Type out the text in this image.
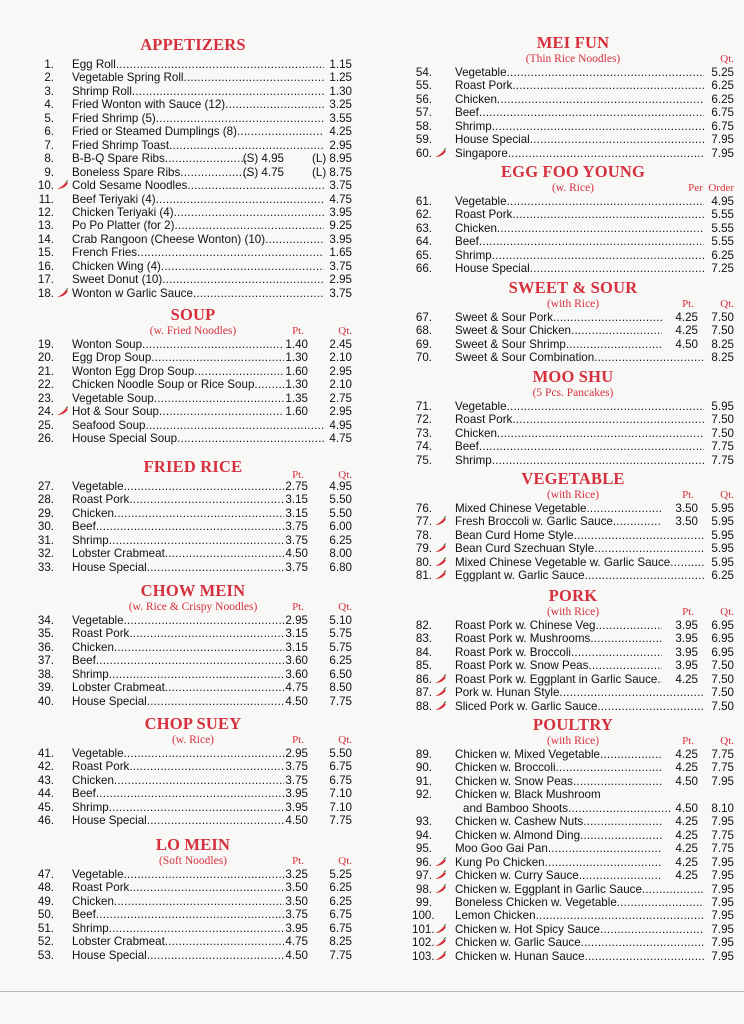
APPETIZERS
1. Egg Roll . . .	1.15
2. Vegetable Spring Roll . . .	1.25
3. Shrimp Roll . . .	1.30
4. Fried Wonton with Sauce (12) . . .	3.25
5. Fried Shrimp (5) . . .	3.55
6. Fried or Steamed Dumplings (8) . . .	4.25
7. Fried Shrimp Toast . . .	2.95
8. B-B-Q Spare Ribs . . .	(S) 4.95 (L) 8.95
9. Boneless Spare Ribs . . .	(S) 4.75 (L) 8.75
10. Cold Sesame Noodles . . .	3.75
11. Beef Teriyaki (4) . . .	4.75
12. Chicken Teriyaki (4) . . .	3.95
13. Po Po Platter (for 2) . . .	9.25
14. Crab Rangoon (Cheese Wonton) (10) . . .	3.95
15. French Fries . . .	1.65
16. Chicken Wing (4) . . .	3.75
17. Sweet Donut (10) . . .	2.95
18. Wonton w Garlic Sauce . . .	3.75
SOUP
(w. Fried Noodles)	Pt.	Qt.
19. Wonton Soup . . .	1.40 2.45
20. Egg Drop Soup . . .	1.30 2.10
21. Wonton Egg Drop Soup . . .	1.60 2.95
22. Chicken Noodle Soup or Rice Soup . . .	1.30 2.10
23. Vegetable Soup . . .	1.35 2.75
24. Hot & Sour Soup . . .	1.60 2.95
25. Seafood Soup . . .	4.95
26. House Special Soup . . .	4.75
FRIED RICE	Pt.	Qt.
27. Vegetable . . .	2.75 4.95
28. Roast Pork . . .	3.15 5.50
29. Chicken . . .	3.15 5.50
30. Beef . . .	3.75 6.00
31. Shrimp . . .	3.75 6.25
32. Lobster Crabmeat . . .	4.50 8.00
33. House Special . . .	3.75 6.80
CHOW MEIN
(w. Rice & Crispy Noodles)	Pt.	Qt.
34. Vegetable . . .	2.95 5.10
35. Roast Pork . . .	3.15 5.75
36. Chicken . . .	3.15 5.75
37. Beef . . .	3.60 6.25
38. Shrimp . . .	3.60 6.50
39. Lobster Crabmeat . . .	4.75 8.50
40. House Special . . .	4.50 7.75
CHOP SUEY
(w. Rice)	Pt.	Qt.
41. Vegetable . . .	2.95 5.50
42. Roast Pork . . .	3.75 6.75
43. Chicken . . .	3.75 6.75
44. Beef . . .	3.95 7.10
45. Shrimp . . .	3.95 7.10
46. House Special . . .	4.50 7.75
LO MEIN
(Soft Noodles)	Pt.	Qt.
47. Vegetable . . .	3.25 5.25
48. Roast Pork . . .	3.50 6.25
49. Chicken . . .	3.50 6.25
50. Beef . . .	3.75 6.75
51. Shrimp . . .	3.95 6.75
52. Lobster Crabmeat . . .	4.75 8.25
53. House Special . . .	4.50 7.75
MEI FUN
(Thin Rice Noodles)	Qt.
54. Vegetable . . .	5.25
55. Roast Pork . . .	6.25
56. Chicken . . .	6.25
57. Beef . . .	6.75
58. Shrimp . . .	6.75
59. House Special . . .	7.95
60. Singapore . . .	7.95
EGG FOO YOUNG
(w. Rice)	Per  Order
61. Vegetable . . .	4.95
62. Roast Pork . . .	5.55
63. Chicken . . .	5.55
64. Beef . . .	5.55
65. Shrimp . . .	6.25
66. House Special . . .	7.25
SWEET & SOUR
(with Rice)	Pt. Qt.
67. Sweet & Sour Pork . . .	4.25 7.50
68. Sweet & Sour Chicken . . .	4.25 7.50
69. Sweet & Sour Shrimp . . .	4.50 8.25
70. Sweet & Sour Combination . . .	8.25
MOO SHU
(5 Pcs. Pancakes)
71. Vegetable . . .	5.95
72. Roast Pork . . .	7.50
73. Chicken . . .	7.50
74. Beef . . .	7.75
75. Shrimp . . .	7.75
VEGETABLE
(with Rice)	Pt. Qt.
76. Mixed Chinese Vegetable . . .	3.50 5.95
77. Fresh Broccoli w. Garlic Sauce . . .	3.50 5.95
78. Bean Curd Home Style . . .	5.95
79. Bean Curd Szechuan Style . . .	5.95
80. Mixed Chinese Vegetable w. Garlic Sauce . . .	5.95
81. Eggplant w. Garlic Sauce . . .	6.25
PORK
(with Rice)	Pt. Qt.
82. Roast Pork w. Chinese Veg. . . .	3.95 6.95
83. Roast Pork w. Mushrooms . . .	3.95 6.95
84. Roast Pork w. Broccoli . . .	3.95 6.95
85. Roast Pork w. Snow Peas . . .	3.95 7.50
86. Roast Pork w. Eggplant in Garlic Sauce . . . 4.25 7.50
87. Pork w. Hunan Style . . .	7.50
88. Sliced Pork w. Garlic Sauce . . .	7.50
POULTRY
(with Rice)	Pt. Qt.
89. Chicken w. Mixed Vegetable . . .	4.25 7.75
90. Chicken w. Broccoli . . .	4.25 7.75
91. Chicken w. Snow Peas . . .	4.50 7.95
92. Chicken w. Black Mushroom
and Bamboo Shoots . . .	4.50 8.10
93. Chicken w. Cashew Nuts . . .	4.25 7.95
94. Chicken w. Almond Ding . . .	4.25 7.75
95. Moo Goo Gai Pan . . .	4.25 7.75
96. Kung Po Chicken . . .	4.25 7.95
97. Chicken w. Curry Sauce . . .	4.25 7.95
98. Chicken w. Eggplant in Garlic Sauce . . .	7.95
99. Boneless Chicken w. Vegetable . . .	7.95
100. Lemon Chicken . . .	7.95
101. Chicken w. Hot Spicy Sauce . . .	7.95
102. Chicken w. Garlic Sauce . . .	7.95
103. Chicken w. Hunan Sauce . . .	7.95
